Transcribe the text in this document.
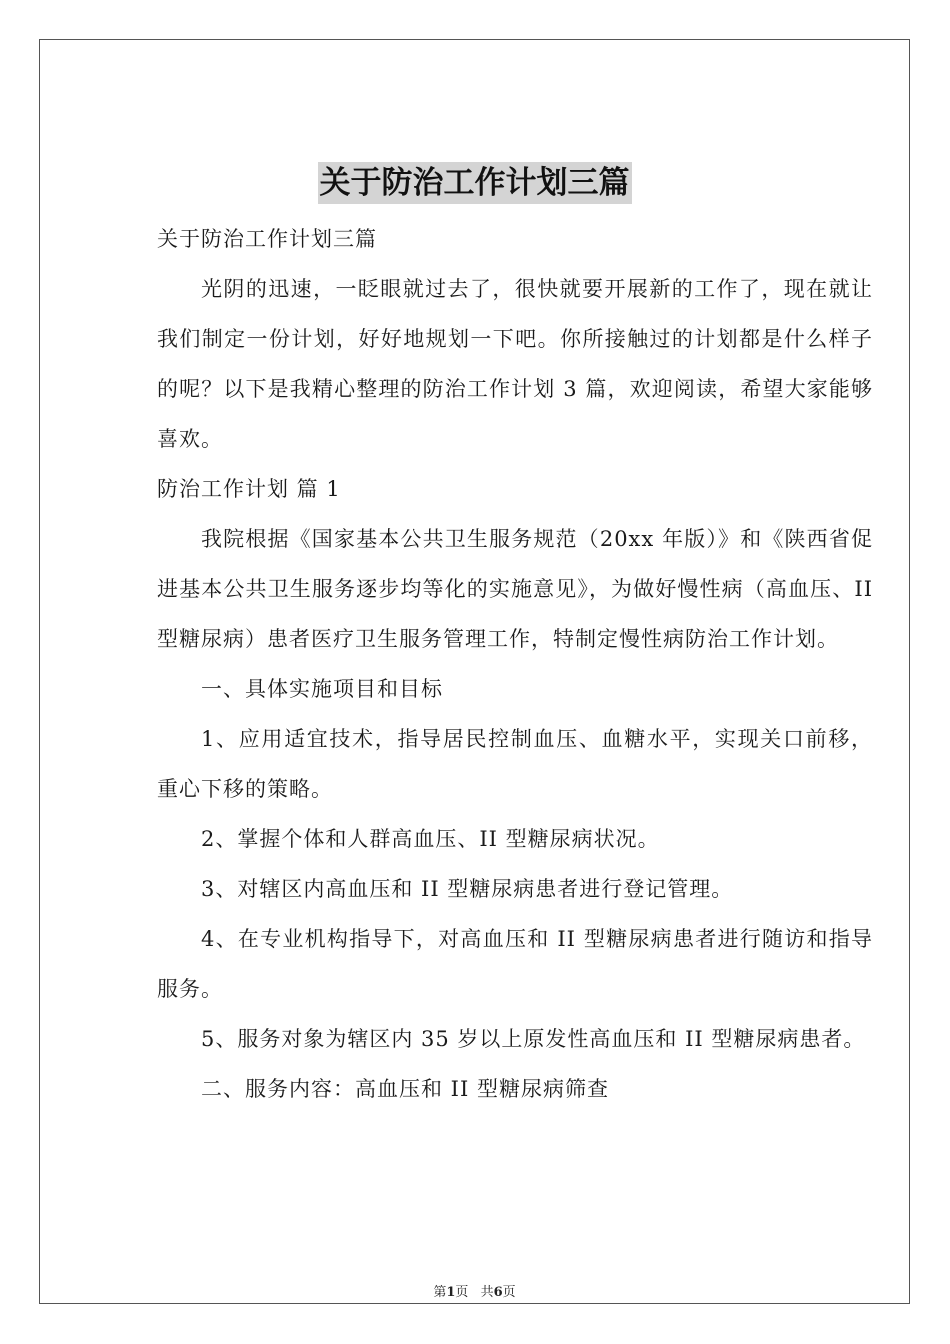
关于防治工作计划三篇

关于防治工作计划三篇

光阴的迅速，一眨眼就过去了，很快就要开展新的工作了，现在就让我们制定一份计划，好好地规划一下吧。你所接触过的计划都是什么样子的呢？以下是我精心整理的防治工作计划 3 篇，欢迎阅读，希望大家能够喜欢。

防治工作计划 篇 1

我院根据《国家基本公共卫生服务规范（20xx 年版）》和《陕西省促进基本公共卫生服务逐步均等化的实施意见》，为做好慢性病（高血压、II 型糖尿病）患者医疗卫生服务管理工作，特制定慢性病防治工作计划。

一、具体实施项目和目标

1、应用适宜技术，指导居民控制血压、血糖水平，实现关口前移，重心下移的策略。

2、掌握个体和人群高血压、II 型糖尿病状况。

3、对辖区内高血压和 II 型糖尿病患者进行登记管理。

4、在专业机构指导下，对高血压和 II 型糖尿病患者进行随访和指导服务。

5、服务对象为辖区内 35 岁以上原发性高血压和 II 型糖尿病患者。

二、服务内容：高血压和 II 型糖尿病筛查

第1页 共6页
